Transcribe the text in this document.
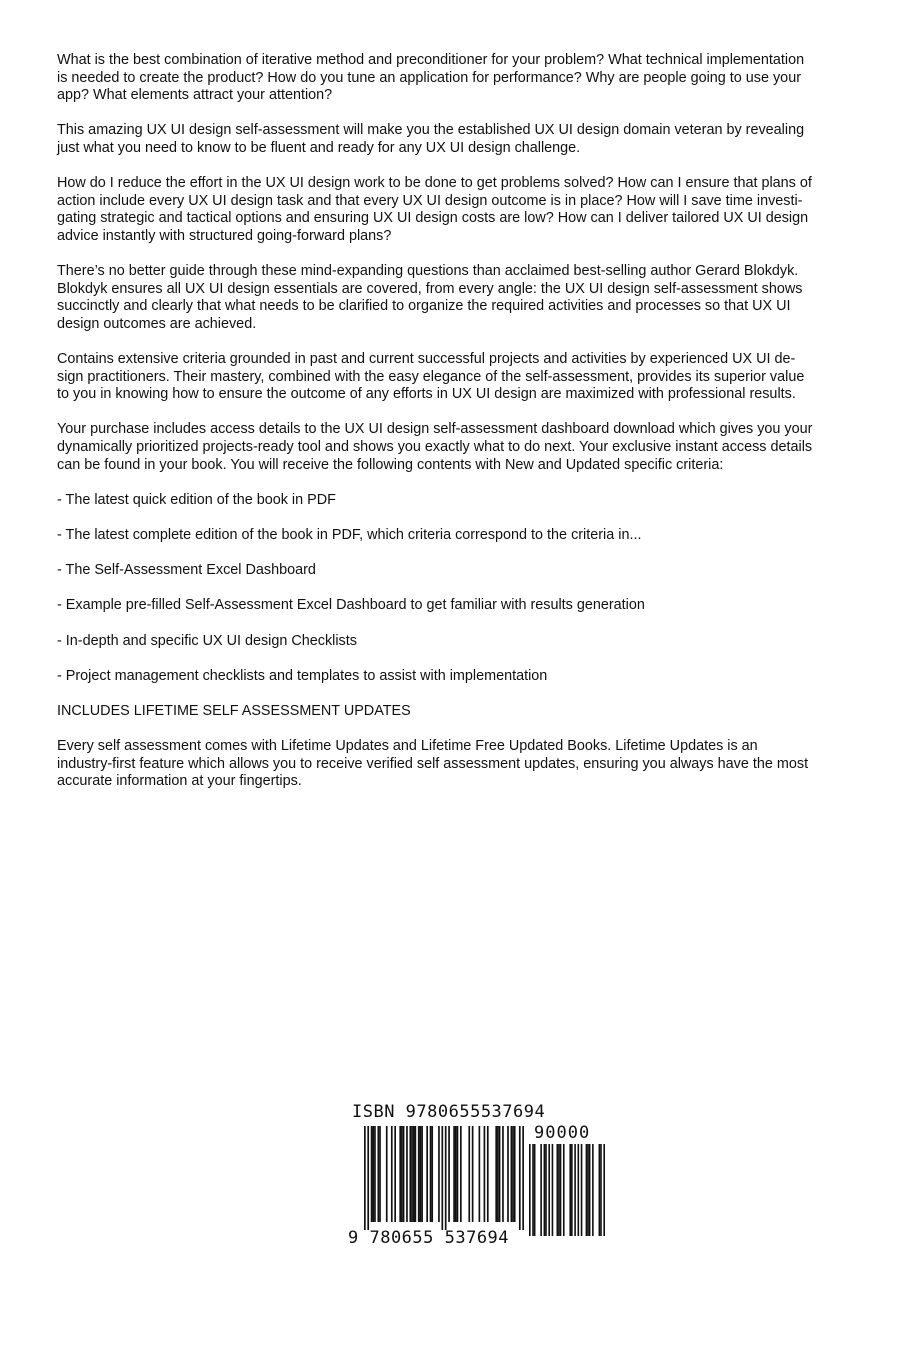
What is the best combination of iterative method and preconditioner for your problem? What technical implementation
is needed to create the product? How do you tune an application for performance? Why are people going to use your
app? What elements attract your attention?

This amazing UX UI design self-assessment will make you the established UX UI design domain veteran by revealing
just what you need to know to be fluent and ready for any UX UI design challenge.

How do I reduce the effort in the UX UI design work to be done to get problems solved? How can I ensure that plans of
action include every UX UI design task and that every UX UI design outcome is in place? How will I save time investi-
gating strategic and tactical options and ensuring UX UI design costs are low? How can I deliver tailored UX UI design
advice instantly with structured going-forward plans?

There’s no better guide through these mind-expanding questions than acclaimed best-selling author Gerard Blokdyk.
Blokdyk ensures all UX UI design essentials are covered, from every angle: the UX UI design self-assessment shows
succinctly and clearly that what needs to be clarified to organize the required activities and processes so that UX UI
design outcomes are achieved.

Contains extensive criteria grounded in past and current successful projects and activities by experienced UX UI de-
sign practitioners. Their mastery, combined with the easy elegance of the self-assessment, provides its superior value
to you in knowing how to ensure the outcome of any efforts in UX UI design are maximized with professional results.

Your purchase includes access details to the UX UI design self-assessment dashboard download which gives you your
dynamically prioritized projects-ready tool and shows you exactly what to do next. Your exclusive instant access details
can be found in your book. You will receive the following contents with New and Updated specific criteria:

- The latest quick edition of the book in PDF
- The latest complete edition of the book in PDF, which criteria correspond to the criteria in...
- The Self-Assessment Excel Dashboard
- Example pre-filled Self-Assessment Excel Dashboard to get familiar with results generation
- In-depth and specific UX UI design Checklists
- Project management checklists and templates to assist with implementation

INCLUDES LIFETIME SELF ASSESSMENT UPDATES

Every self assessment comes with Lifetime Updates and Lifetime Free Updated Books. Lifetime Updates is an
industry-first feature which allows you to receive verified self assessment updates, ensuring you always have the most
accurate information at your fingertips.

ISBN 9780655537694
90000
9 780655 537694
